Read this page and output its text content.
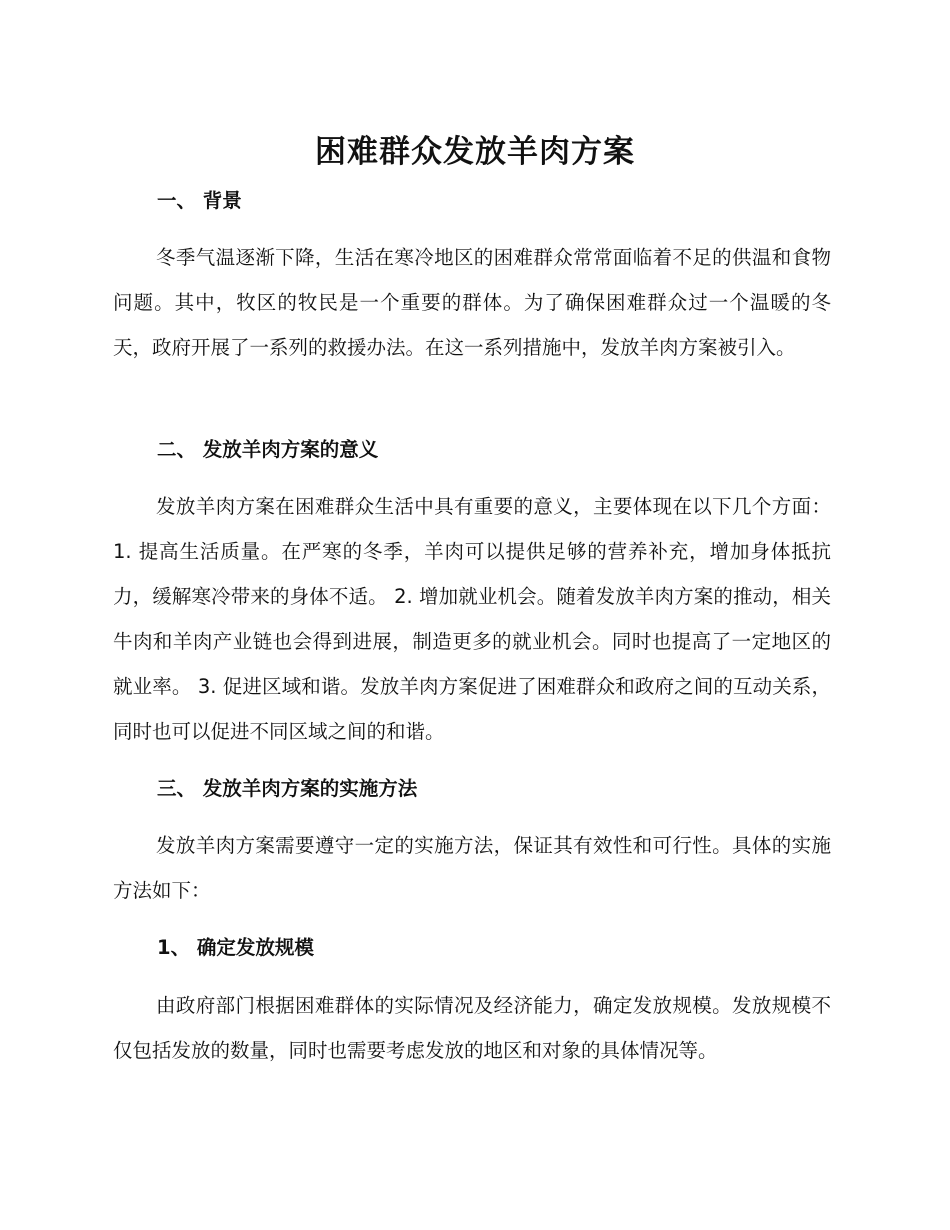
困难群众发放羊肉方案
一、 背景

冬季气温逐渐下降，生活在寒冷地区的困难群众常常面临着不足的供温和食物问题。其中，牧区的牧民是一个重要的群体。为了确保困难群众过一个温暖的冬天，政府开展了一系列的救援办法。在这一系列措施中，发放羊肉方案被引入。

二、 发放羊肉方案的意义

发放羊肉方案在困难群众生活中具有重要的意义，主要体现在以下几个方面： 1. 提高生活质量。在严寒的冬季，羊肉可以提供足够的营养补充，增加身体抵抗力，缓解寒冷带来的身体不适。 2. 增加就业机会。随着发放羊肉方案的推动，相关牛肉和羊肉产业链也会得到进展，制造更多的就业机会。同时也提高了一定地区的就业率。 3. 促进区域和谐。发放羊肉方案促进了困难群众和政府之间的互动关系，同时也可以促进不同区域之间的和谐。

三、 发放羊肉方案的实施方法

发放羊肉方案需要遵守一定的实施方法，保证其有效性和可行性。具体的实施方法如下：

1、 确定发放规模

由政府部门根据困难群体的实际情况及经济能力，确定发放规模。发放规模不仅包括发放的数量，同时也需要考虑发放的地区和对象的具体情况等。
